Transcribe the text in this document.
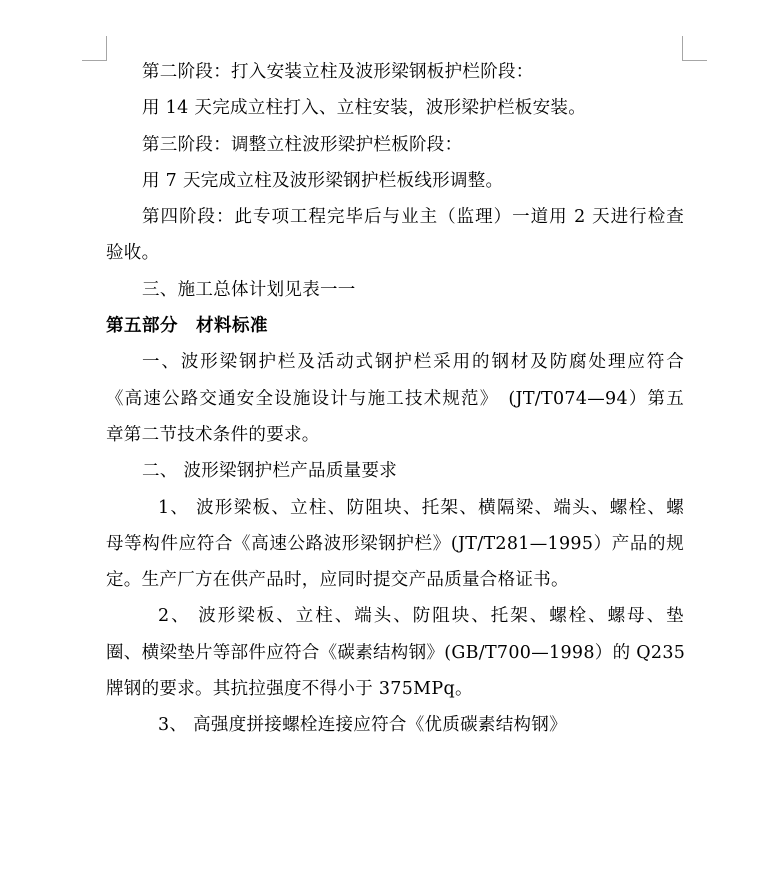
第二阶段：打入安装立柱及波形梁钢板护栏阶段：
用 14 天完成立柱打入、立柱安装，波形梁护栏板安装。
第三阶段：调整立柱波形梁护栏板阶段：
用 7 天完成立柱及波形梁钢护栏板线形调整。
第四阶段：此专项工程完毕后与业主（监理）一道用 2 天进行检查
验收。
三、施工总体计划见表一一
第五部分　材料标准
一、波形梁钢护栏及活动式钢护栏采用的钢材及防腐处理应符合
《高速公路交通安全设施设计与施工技术规范》　(JT/T074—94）第五
章第二节技术条件的要求。
二、 波形梁钢护栏产品质量要求
1、 波形梁板、立柱、防阻块、托架、横隔梁、端头、螺栓、螺
母等构件应符合《高速公路波形梁钢护栏》(JT/T281—1995）产品的规
定。生产厂方在供产品时，应同时提交产品质量合格证书。
2、 波形梁板、立柱、端头、防阻块、托架、螺栓、螺母、垫
圈、横梁垫片等部件应符合《碳素结构钢》(GB/T700—1998）的 Q235
牌钢的要求。其抗拉强度不得小于 375MPq。
3、 高强度拼接螺栓连接应符合《优质碳素结构钢》
